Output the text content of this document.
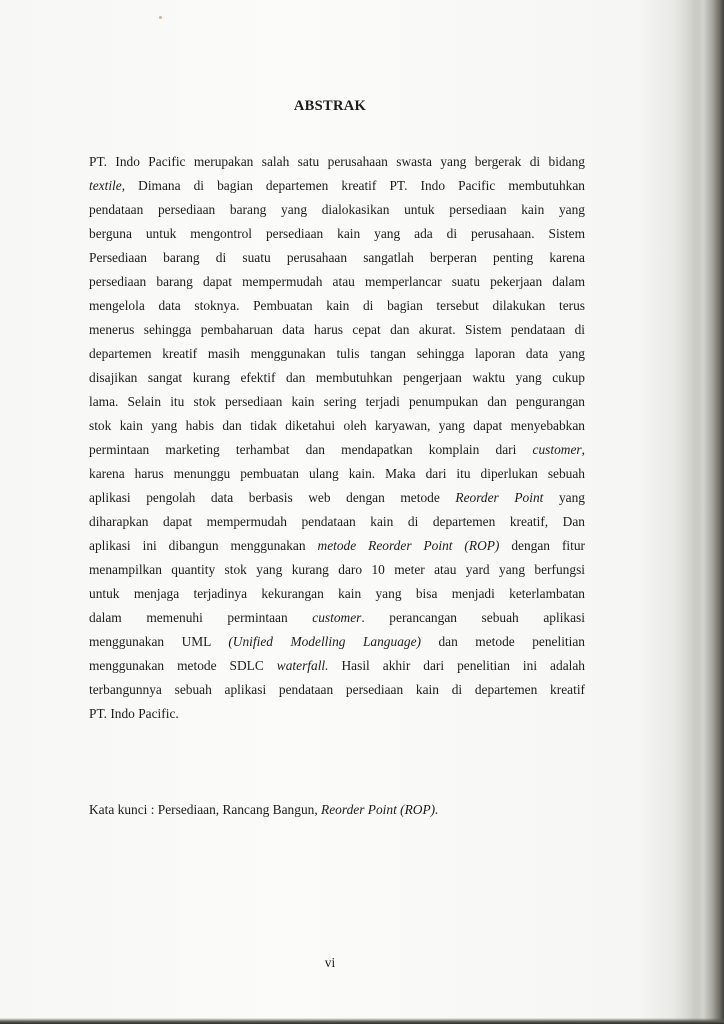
ABSTRAK
PT. Indo Pacific merupakan salah satu perusahaan swasta yang bergerak di bidang
textile, Dimana di bagian departemen kreatif PT. Indo Pacific membutuhkan
pendataan persediaan barang yang dialokasikan untuk persediaan kain yang
berguna untuk mengontrol persediaan kain yang ada di perusahaan. Sistem
Persediaan barang di suatu perusahaan sangatlah berperan penting karena
persediaan barang dapat mempermudah atau memperlancar suatu pekerjaan dalam
mengelola data stoknya. Pembuatan kain di bagian tersebut dilakukan terus
menerus sehingga pembaharuan data harus cepat dan akurat. Sistem pendataan di
departemen kreatif masih menggunakan tulis tangan sehingga laporan data yang
disajikan sangat kurang efektif dan membutuhkan pengerjaan waktu yang cukup
lama. Selain itu stok persediaan kain sering terjadi penumpukan dan pengurangan
stok kain yang habis dan tidak diketahui oleh karyawan, yang dapat menyebabkan
permintaan marketing terhambat dan mendapatkan komplain dari customer,
karena harus menunggu pembuatan ulang kain. Maka dari itu diperlukan sebuah
aplikasi pengolah data berbasis web dengan metode Reorder Point yang
diharapkan dapat mempermudah pendataan kain di departemen kreatif, Dan
aplikasi ini dibangun menggunakan metode Reorder Point (ROP) dengan fitur
menampilkan quantity stok yang kurang daro 10 meter atau yard yang berfungsi
untuk menjaga terjadinya kekurangan kain yang bisa menjadi keterlambatan
dalam memenuhi permintaan customer. perancangan sebuah aplikasi
menggunakan UML (Unified Modelling Language) dan metode penelitian
menggunakan metode SDLC waterfall. Hasil akhir dari penelitian ini adalah
terbangunnya sebuah aplikasi pendataan persediaan kain di departemen kreatif
PT. Indo Pacific.
Kata kunci : Persediaan, Rancang Bangun, Reorder Point (ROP).
vi
